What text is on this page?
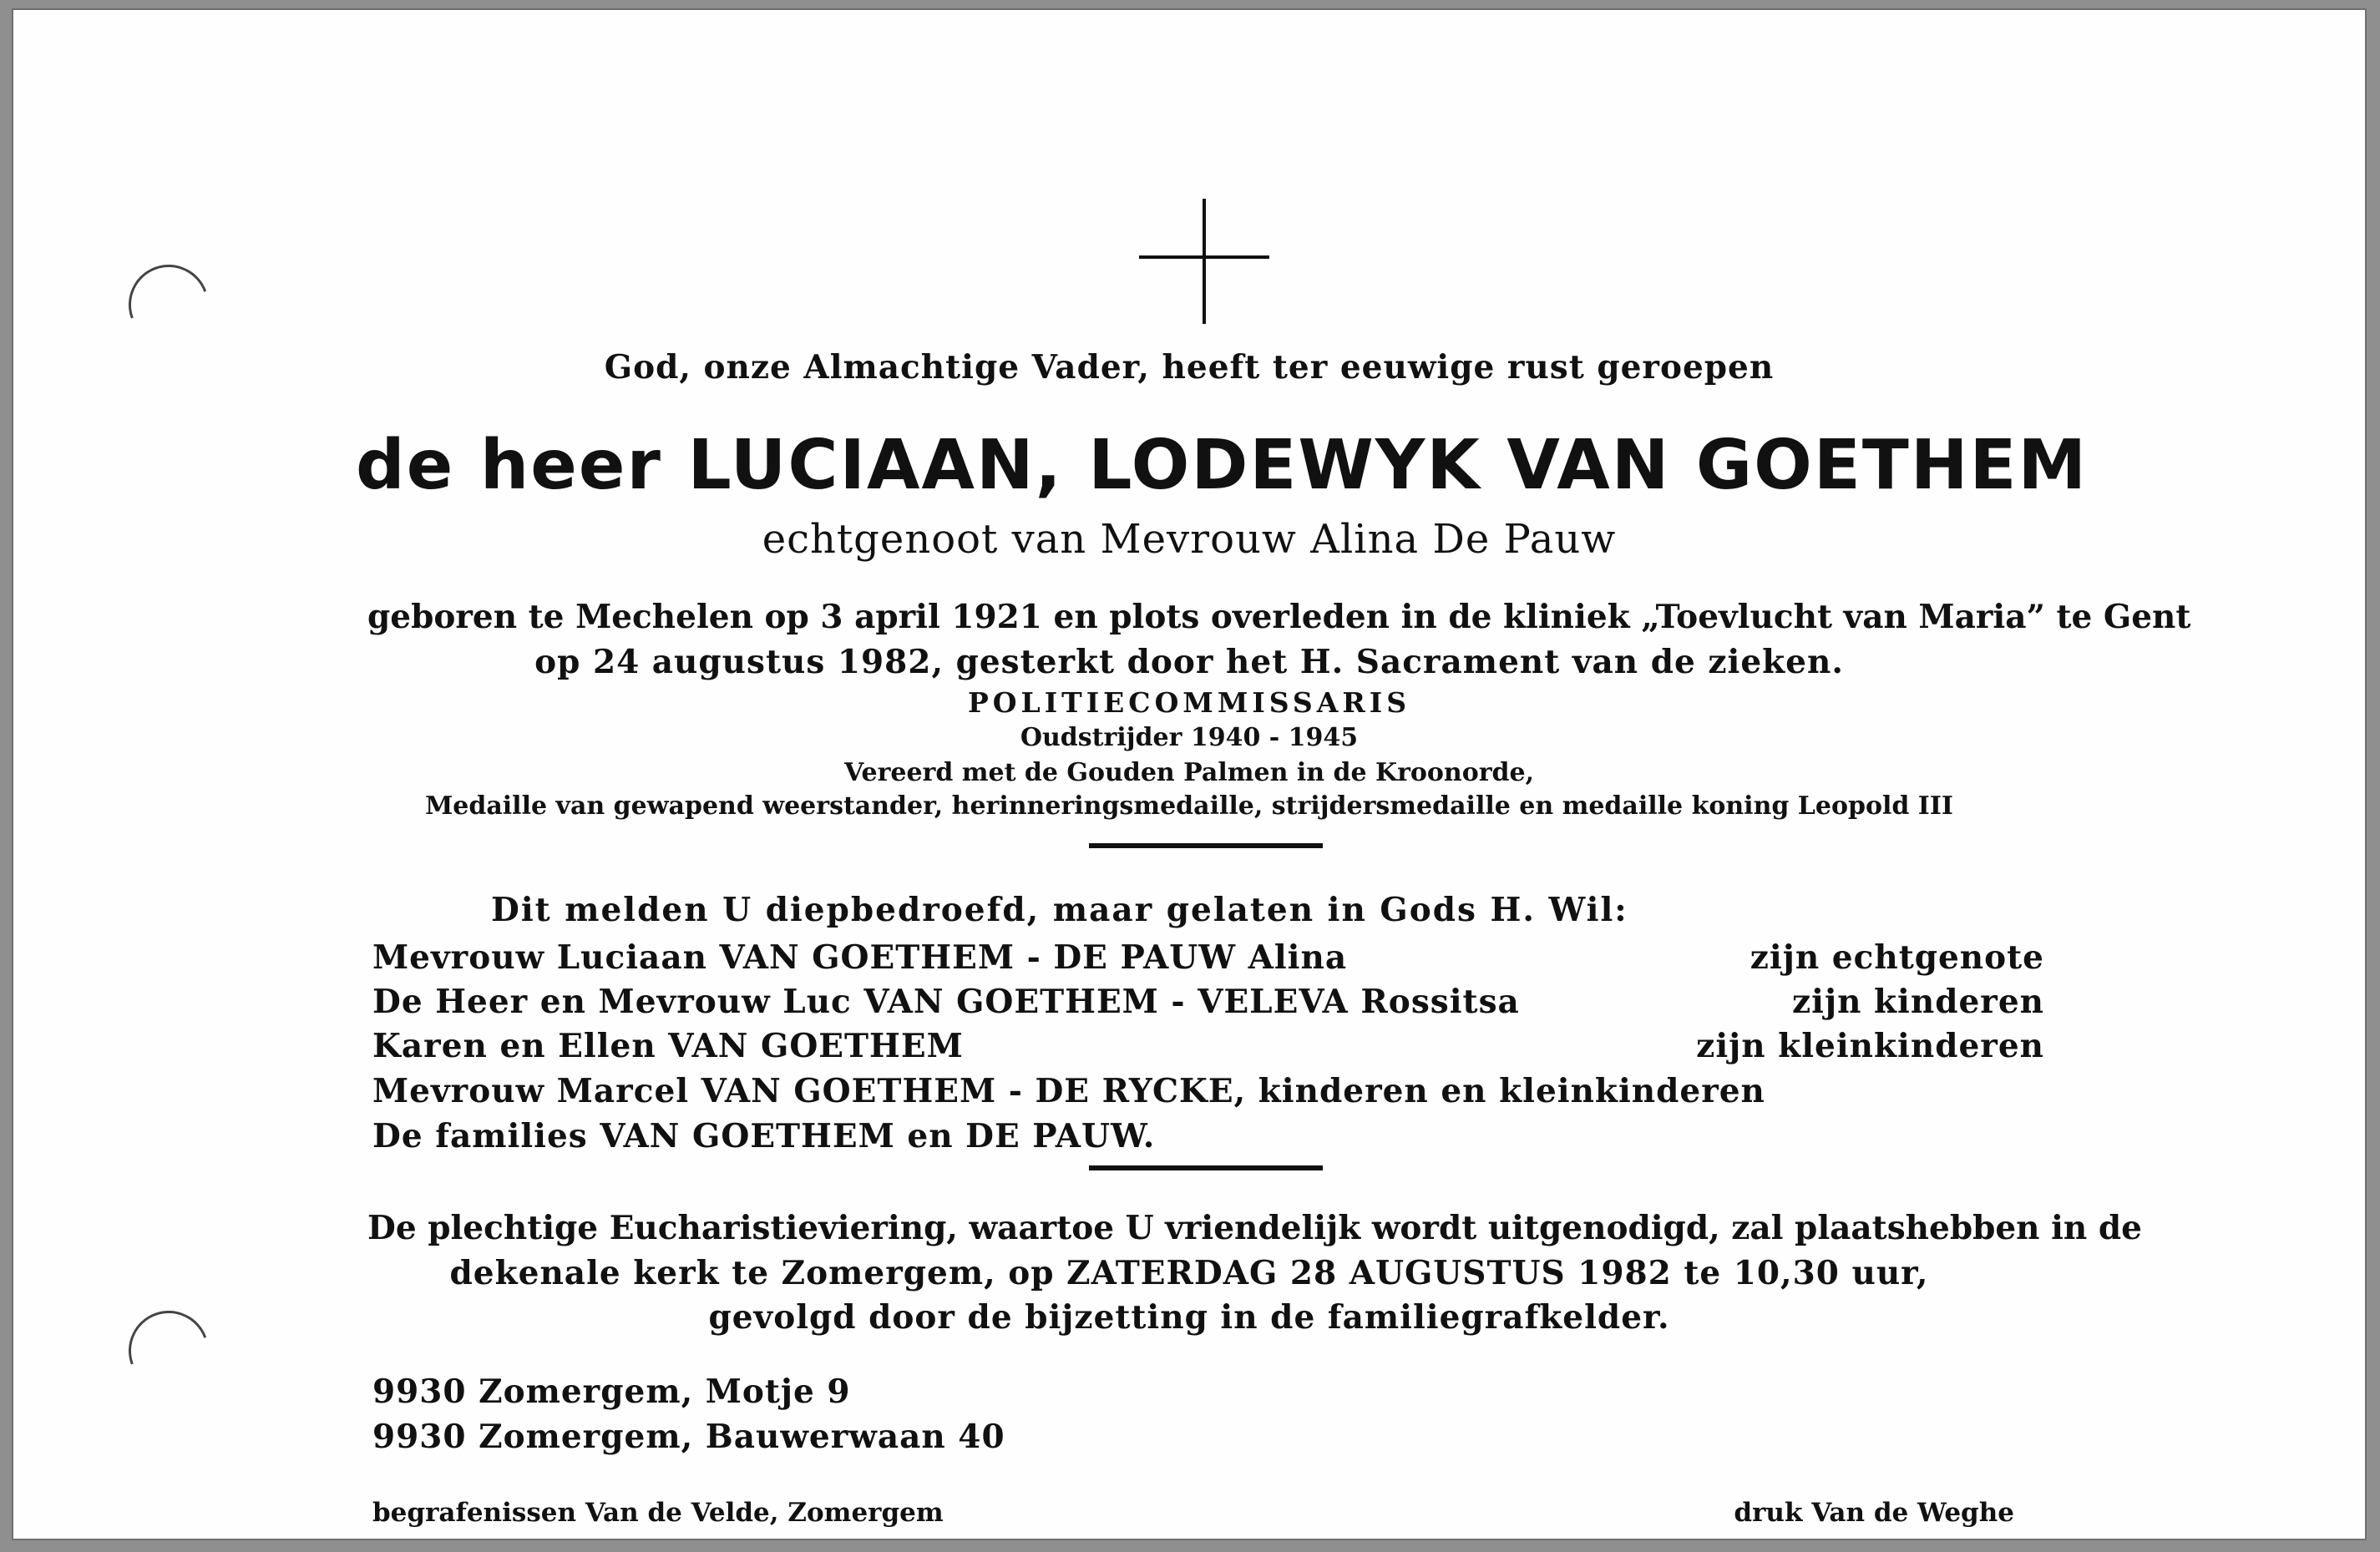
God, onze Almachtige Vader, heeft ter eeuwige rust geroepen
de heer LUCIAAN, LODEWYK VAN GOETHEM
echtgenoot van Mevrouw Alina De Pauw
geboren te Mechelen op 3 april 1921 en plots overleden in de kliniek „Toevlucht van Maria” te Gent
op 24 augustus 1982, gesterkt door het H. Sacrament van de zieken.
POLITIECOMMISSARIS
Oudstrijder 1940 - 1945
Vereerd met de Gouden Palmen in de Kroonorde,
Medaille van gewapend weerstander, herinneringsmedaille, strijdersmedaille en medaille koning Leopold III
Dit melden U diepbedroefd, maar gelaten in Gods H. Wil:
Mevrouw Luciaan VAN GOETHEM - DE PAUW Alina	zijn echtgenote
De Heer en Mevrouw Luc VAN GOETHEM - VELEVA Rossitsa	zijn kinderen
Karen en Ellen VAN GOETHEM	zijn kleinkinderen
Mevrouw Marcel VAN GOETHEM - DE RYCKE, kinderen en kleinkinderen
De families VAN GOETHEM en DE PAUW.
De plechtige Eucharistieviering, waartoe U vriendelijk wordt uitgenodigd, zal plaatshebben in de
dekenale kerk te Zomergem, op ZATERDAG 28 AUGUSTUS 1982 te 10,30 uur,
gevolgd door de bijzetting in de familiegrafkelder.
9930 Zomergem, Motje 9
9930 Zomergem, Bauwerwaan 40
begrafenissen Van de Velde, Zomergem	druk Van de Weghe
